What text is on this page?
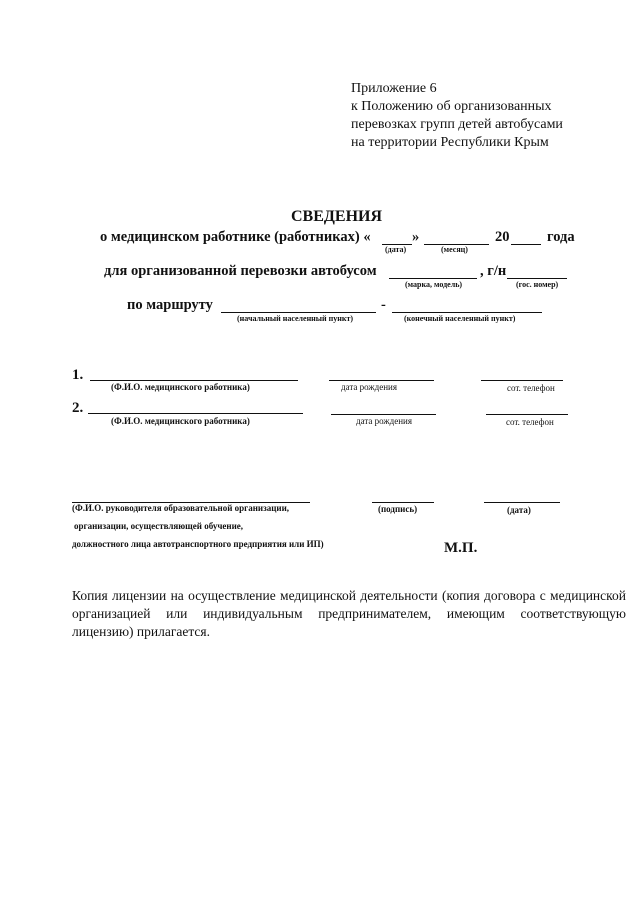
Приложение 6
к Положению об организованных
перевозках групп детей автобусами
на территории Республики Крым
СВЕДЕНИЯ
о медицинском работнике (работниках) «	»	20	года
(дата)	(месяц)
для организованной перевозки автобусом	, г/н
(марка, модель)	(гос. номер)
по маршруту	-
(начальный населенный пункт)	(конечный населенный пункт)
1.
(Ф.И.О. медицинского работника)	дата рождения	сот. телефон
2.
(Ф.И.О. медицинского работника)	дата рождения	сот. телефон
(Ф.И.О. руководителя образовательной организации,
организации, осуществляющей обучение,
должностного лица автотранспортного предприятия или ИП)
(подпись)	(дата)
М.П.
Копия лицензии на осуществление медицинской деятельности (копия договора с медицинской организацией или индивидуальным предпринимателем, имеющим соответствующую лицензию) прилагается.
